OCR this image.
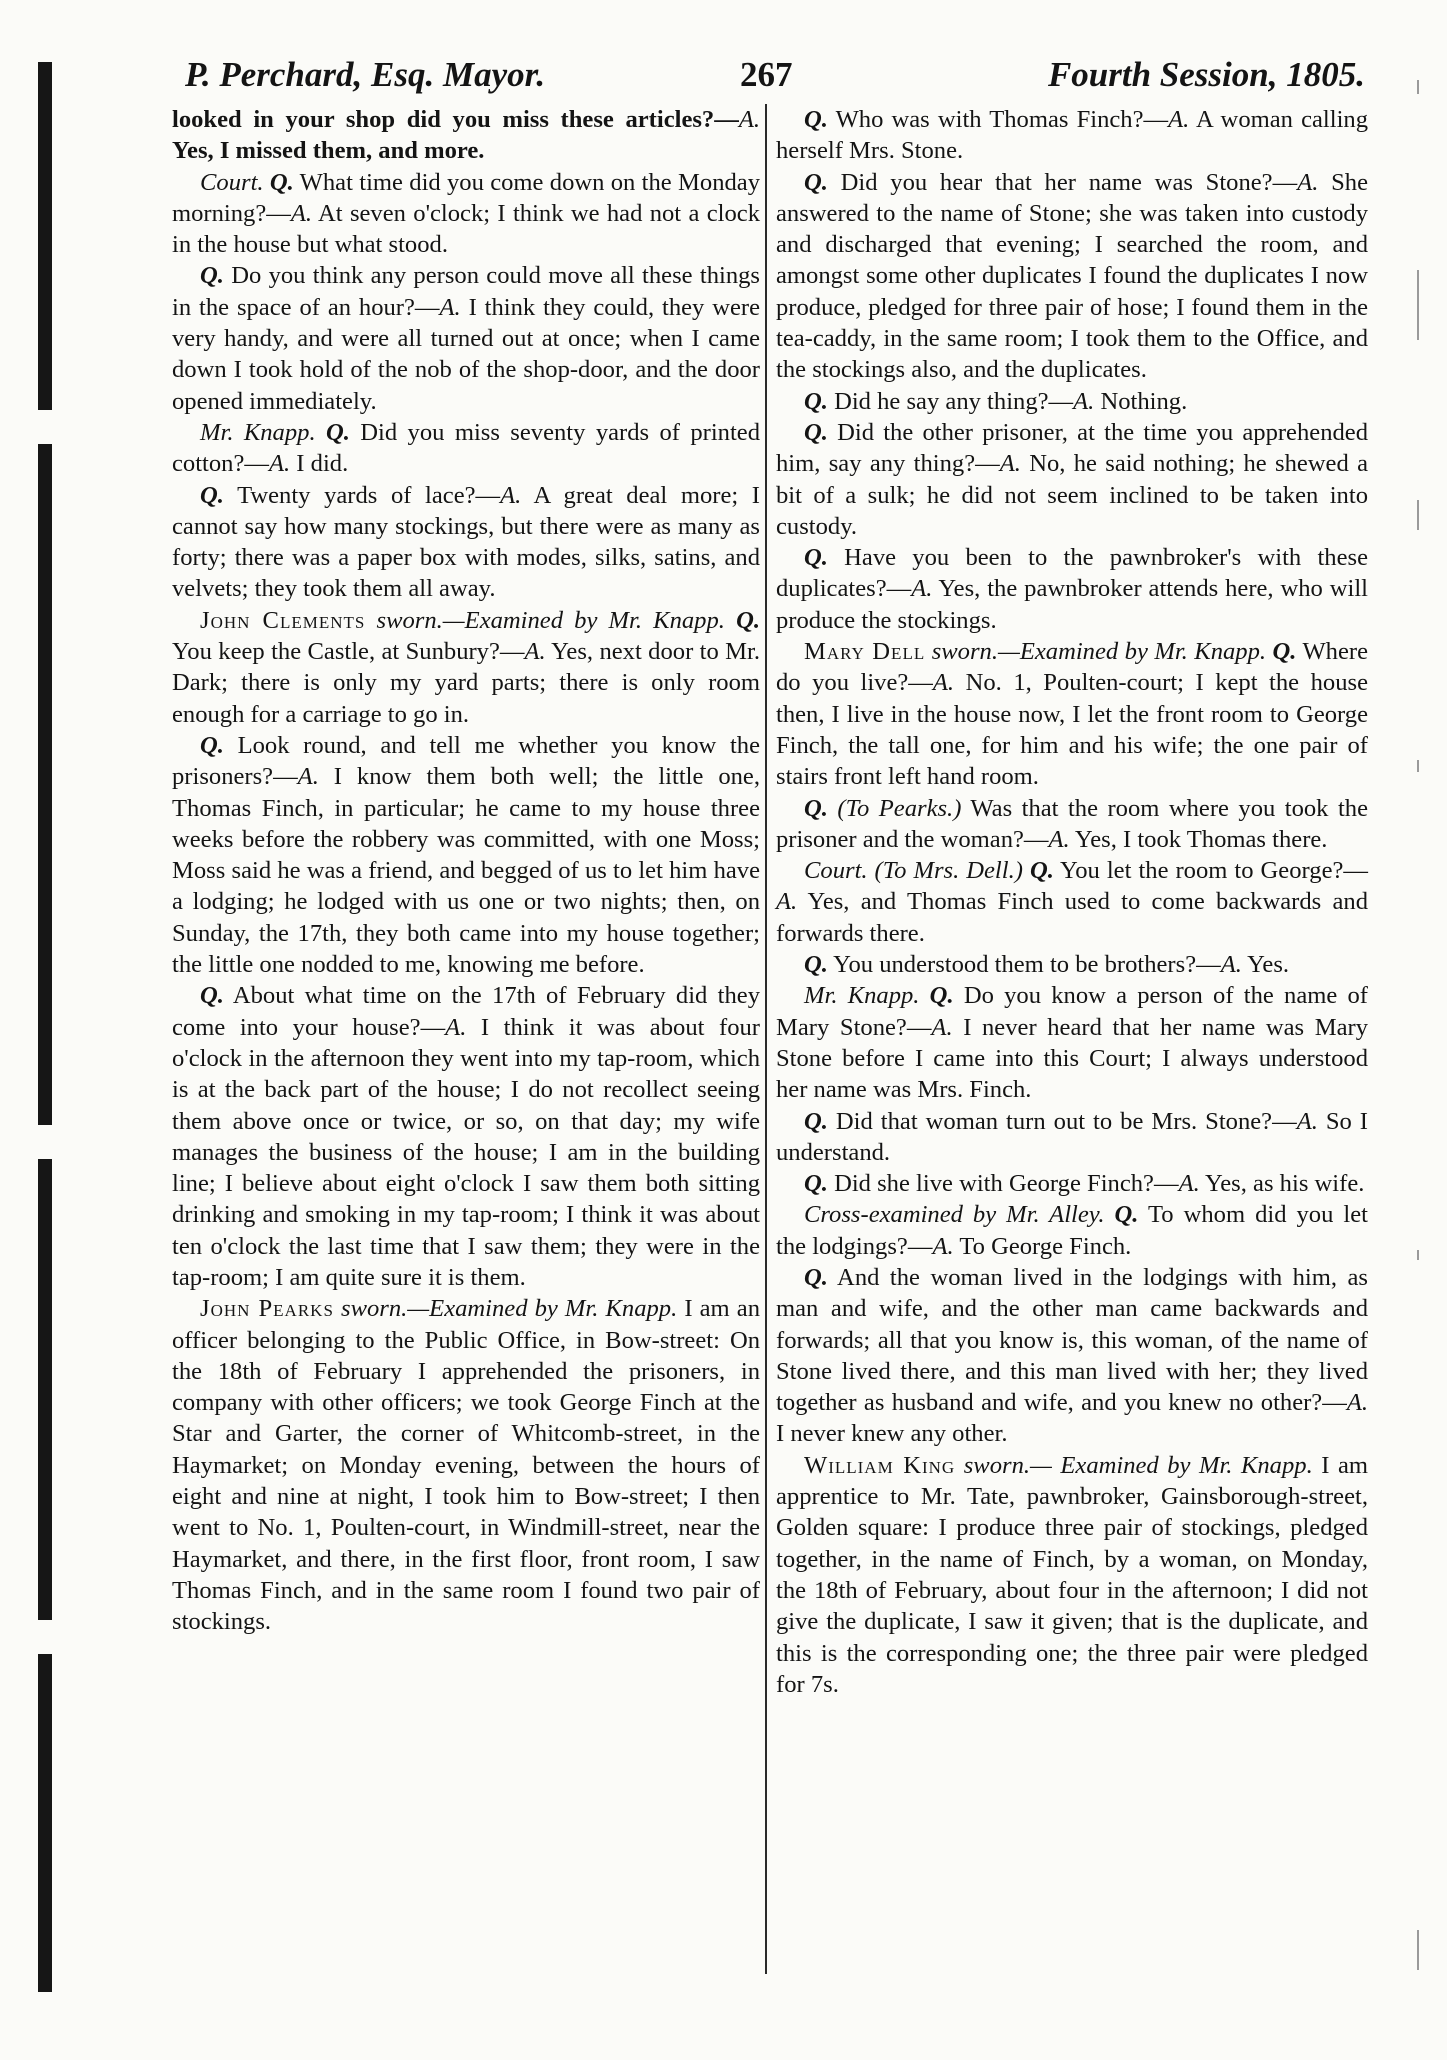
P. Perchard, Esq. Mayor.	267	Fourth Session, 1805.

looked in your shop did you miss these articles?—A. Yes, I missed them, and more.

Court. Q. What time did you come down on the Monday morning?—A. At seven o'clock; I think we had not a clock in the house but what stood.

Q. Do you think any person could move all these things in the space of an hour?—A. I think they could, they were very handy, and were all turned out at once; when I came down I took hold of the nob of the shop-door, and the door opened immediately.

Mr. Knapp. Q. Did you miss seventy yards of printed cotton?—A. I did.

Q. Twenty yards of lace?—A. A great deal more; I cannot say how many stockings, but there were as many as forty; there was a paper box with modes, silks, satins, and velvets; they took them all away.

John Clements sworn.—Examined by Mr. Knapp. Q. You keep the Castle, at Sunbury?—A. Yes, next door to Mr. Dark; there is only my yard parts; there is only room enough for a carriage to go in.

Q. Look round, and tell me whether you know the prisoners?—A. I know them both well; the little one, Thomas Finch, in particular; he came to my house three weeks before the robbery was committed, with one Moss; Moss said he was a friend, and begged of us to let him have a lodging; he lodged with us one or two nights; then, on Sunday, the 17th, they both came into my house together; the little one nodded to me, knowing me before.

Q. About what time on the 17th of February did they come into your house?—A. I think it was about four o'clock in the afternoon they went into my tap-room, which is at the back part of the house; I do not recollect seeing them above once or twice, or so, on that day; my wife manages the business of the house; I am in the building line; I believe about eight o'clock I saw them both sitting drinking and smoking in my tap-room; I think it was about ten o'clock the last time that I saw them; they were in the tap-room; I am quite sure it is them.

John Pearks sworn.—Examined by Mr. Knapp. I am an officer belonging to the Public Office, in Bow-street: On the 18th of February I apprehended the prisoners, in company with other officers; we took George Finch at the Star and Garter, the corner of Whitcomb-street, in the Haymarket; on Monday evening, between the hours of eight and nine at night, I took him to Bow-street; I then went to No. 1, Poulten-court, in Windmill-street, near the Haymarket, and there, in the first floor, front room, I saw Thomas Finch, and in the same room I found two pair of stockings.

Q. Who was with Thomas Finch?—A. A woman calling herself Mrs. Stone.

Q. Did you hear that her name was Stone?—A. She answered to the name of Stone; she was taken into custody and discharged that evening; I searched the room, and amongst some other duplicates I found the duplicates I now produce, pledged for three pair of hose; I found them in the tea-caddy, in the same room; I took them to the Office, and the stockings also, and the duplicates.

Q. Did he say any thing?—A. Nothing.

Q. Did the other prisoner, at the time you apprehended him, say any thing?—A. No, he said nothing; he shewed a bit of a sulk; he did not seem inclined to be taken into custody.

Q. Have you been to the pawnbroker's with these duplicates?—A. Yes, the pawnbroker attends here, who will produce the stockings.

Mary Dell sworn.—Examined by Mr. Knapp. Q. Where do you live?—A. No. 1, Poulten-court; I kept the house then, I live in the house now, I let the front room to George Finch, the tall one, for him and his wife; the one pair of stairs front left hand room.

Q. (To Pearks.) Was that the room where you took the prisoner and the woman?—A. Yes, I took Thomas there.

Court. (To Mrs. Dell.) Q. You let the room to George?—A. Yes, and Thomas Finch used to come backwards and forwards there.

Q. You understood them to be brothers?—A. Yes.

Mr. Knapp. Q. Do you know a person of the name of Mary Stone?—A. I never heard that her name was Mary Stone before I came into this Court; I always understood her name was Mrs. Finch.

Q. Did that woman turn out to be Mrs. Stone?—A. So I understand.

Q. Did she live with George Finch?—A. Yes, as his wife.

Cross-examined by Mr. Alley. Q. To whom did you let the lodgings?—A. To George Finch.

Q. And the woman lived in the lodgings with him, as man and wife, and the other man came backwards and forwards; all that you know is, this woman, of the name of Stone lived there, and this man lived with her; they lived together as husband and wife, and you knew no other?—A. I never knew any other.

William King sworn.— Examined by Mr. Knapp. I am apprentice to Mr. Tate, pawnbroker, Gainsborough-street, Golden square: I produce three pair of stockings, pledged together, in the name of Finch, by a woman, on Monday, the 18th of February, about four in the afternoon; I did not give the duplicate, I saw it given; that is the duplicate, and this is the corresponding one; the three pair were pledged for 7s.
